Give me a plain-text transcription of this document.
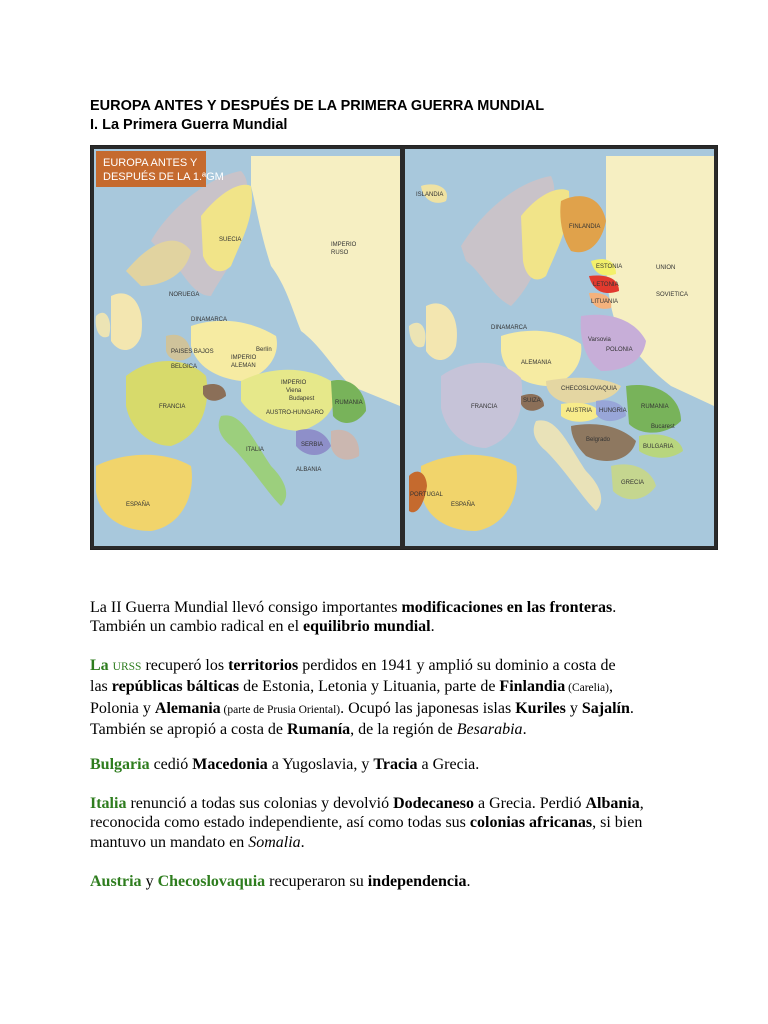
EUROPA ANTES Y DESPUÉS DE LA PRIMERA GUERRA MUNDIAL
I. La Primera Guerra Mundial
EUROPA ANTES Y
DESPUÉS DE LA 1.ªGM
SUECIA
IMPERIO
RUSO
NORUEGA
DINAMARCA
PAISES BAJOS
IMPERIO
ALEMAN
Berlín
BELGICA
FRANCIA
IMPERIO
Viena
Budapest
AUSTRO-HUNGARO
RUMANIA
SERBIA
ALBANIA
ITALIA
ESPAÑA
ISLANDIA
FINLANDIA
ESTONIA
LETONIA
LITUANIA
UNION
SOVIETICA
DINAMARCA
POLONIA
Varsovia
ALEMANIA
CHECOSLOVAQUIA
AUSTRIA HUNGRIA
RUMANIA
FRANCIA
SUIZA
Belgrado
Bucarest
BULGARIA
GRECIA
ESPAÑA
PORTUGAL
La II Guerra Mundial llevó consigo importantes modificaciones en las fronteras.
También un cambio radical en el equilibrio mundial.
La URSS recuperó los territorios perdidos en 1941 y amplió su dominio a costa de
las repúblicas bálticas de Estonia, Letonia y Lituania, parte de Finlandia (Carelia),
Polonia y Alemania (parte de Prusia Oriental). Ocupó las japonesas islas Kuriles y Sajalín.
También se apropió a costa de Rumanía, de la región de Besarabia.
Bulgaria cedió Macedonia a Yugoslavia, y Tracia a Grecia.
Italia renunció a todas sus colonias y devolvió Dodecaneso a Grecia. Perdió Albania,
reconocida como estado independiente, así como todas sus colonias africanas, si bien
mantuvo un mandato en Somalia.
Austria y Checoslovaquia recuperaron su independencia.
